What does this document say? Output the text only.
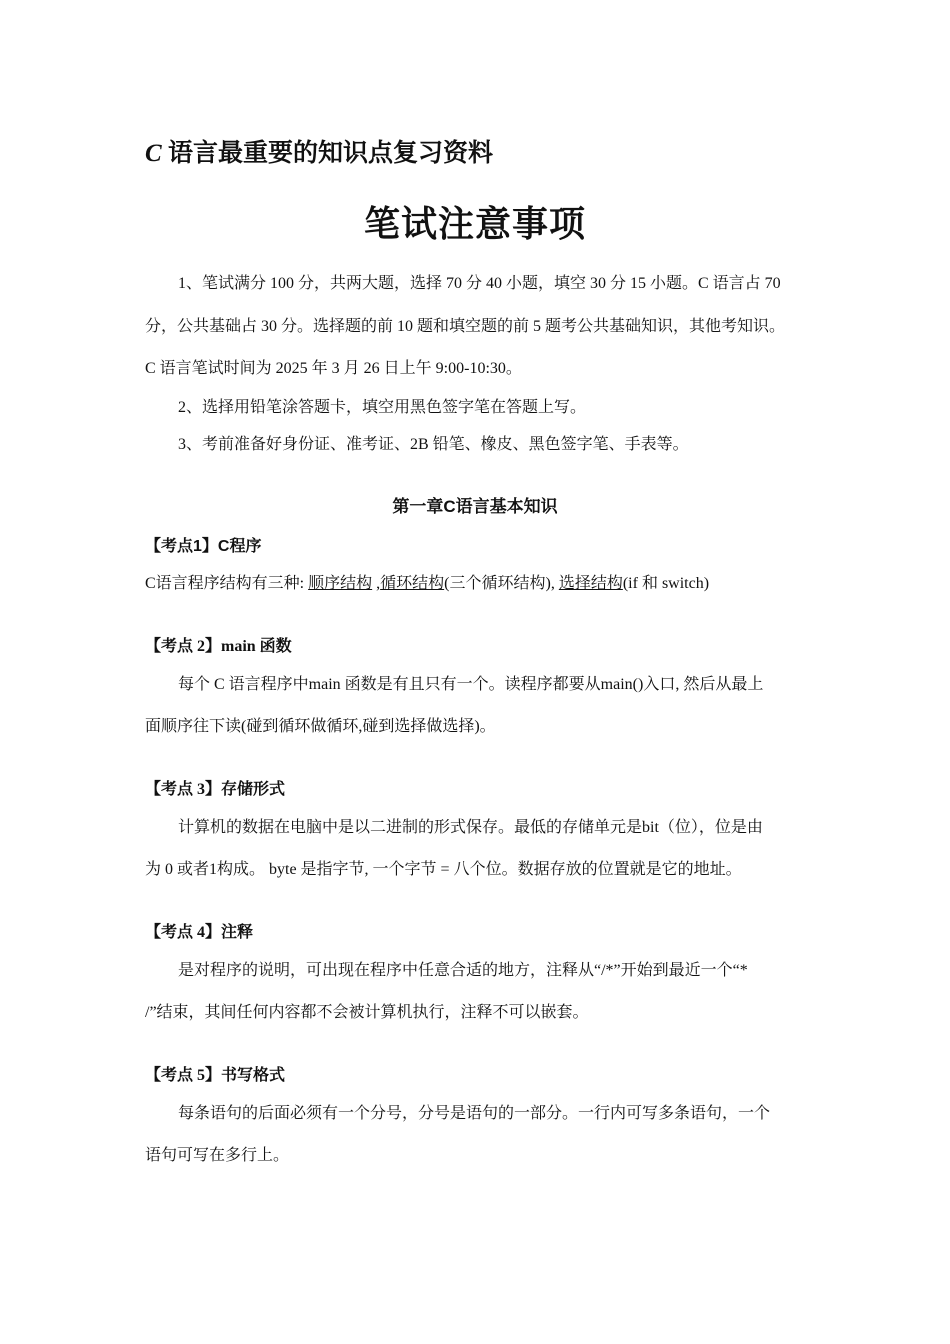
C 语言最重要的知识点复习资料
笔试注意事项
1、笔试满分 100 分，共两大题，选择 70 分 40 小题，填空 30 分 15 小题。C 语言占 70
分，公共基础占 30 分。选择题的前 10 题和填空题的前 5 题考公共基础知识，其他考知识。
C 语言笔试时间为 2025 年 3 月 26 日上午 9:00-10:30。
2、选择用铅笔涂答题卡，填空用黑色签字笔在答题上写。
3、考前准备好身份证、准考证、2B 铅笔、橡皮、黑色签字笔、手表等。
第一章C语言基本知识
【考点1】C程序
C语言程序结构有三种: 顺序结构 ,循环结构(三个循环结构), 选择结构(if 和 switch)
【考点 2】main 函数
每个 C 语言程序中main 函数是有且只有一个。读程序都要从main()入口, 然后从最上
面顺序往下读(碰到循环做循环,碰到选择做选择)。
【考点 3】存储形式
计算机的数据在电脑中是以二进制的形式保存。最低的存储单元是bit（位），位是由
为 0 或者1构成。 byte 是指字节, 一个字节 = 八个位。数据存放的位置就是它的地址。
【考点 4】注释
是对程序的说明，可出现在程序中任意合适的地方，注释从“/*”开始到最近一个“*
/”结束，其间任何内容都不会被计算机执行，注释不可以嵌套。
【考点 5】书写格式
每条语句的后面必须有一个分号，分号是语句的一部分。一行内可写多条语句，一个
语句可写在多行上。
